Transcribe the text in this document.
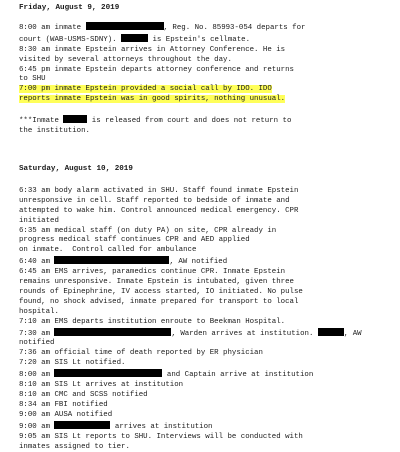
Friday, August 9, 2019

8:00 am inmate	, Reg. No. 85993-054 departs for

court (WAB-USMS-SDNY).	is Epstein's cellmate.

8:30 am inmate Epstein arrives in Attorney Conference. He is

visited by several attorneys throughout the day.

6:45 pm inmate Epstein departs attorney conference and returns

to SHU

7:00 pm inmate Epstein provided a social call by IDO. IDO

reports inmate Epstein was in good spirits, nothing unusual.

***Inmate	is released from court and does not return to

the institution.

Saturday, August 10, 2019

6:33 am body alarm activated in SHU. Staff found inmate Epstein

unresponsive in cell. Staff reported to bedside of inmate and

attempted to wake him. Control announced medical emergency. CPR

initiated

6:35 am medical staff (on duty PA) on site, CPR already in

progress medical staff continues CPR and AED applied

on inmate.  Control called for ambulance

6:40 am	, AW notified

6:45 am EMS arrives, paramedics continue CPR. Inmate Epstein

remains unresponsive. Inmate Epstein is intubated, given three

rounds of Epinephrine, IV access started, IO initiated. No pulse

found, no shock advised, inmate prepared for transport to local

hospital.

7:10 am EMS departs institution enroute to Beekman Hospital.

7:30 am	, Warden arrives at institution.	, AW

notified

7:36 am official time of death reported by ER physician

7:20 am SIS Lt notified.

8:00 am	and Captain arrive at institution

8:10 am SIS Lt arrives at institution

8:10 am CMC and SCSS notified

8:34 am FBI notified

9:00 am AUSA notified

9:00 am	arrives at institution

9:05 am SIS Lt reports to SHU. Interviews will be conducted with

inmates assigned to tier.
